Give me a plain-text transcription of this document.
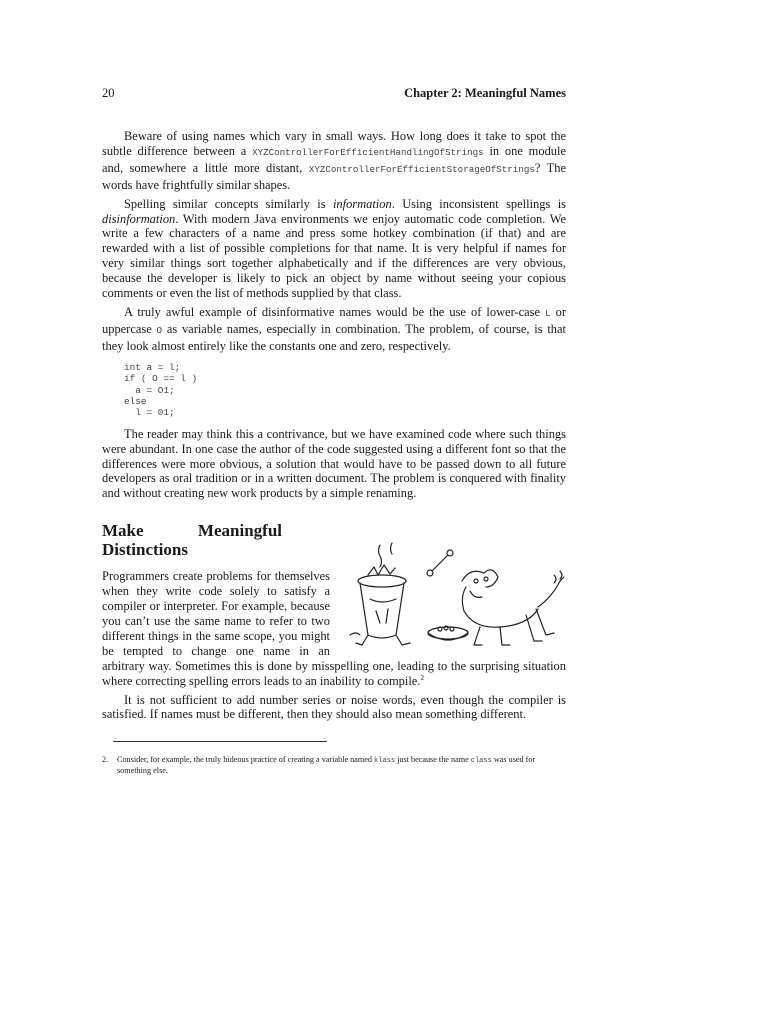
20	Chapter 2: Meaningful Names

Beware of using names which vary in small ways. How long does it take to spot the subtle difference between a XYZControllerForEfficientHandlingOfStrings in one module and, somewhere a little more distant, XYZControllerForEfficientStorageOfStrings? The words have frightfully similar shapes.

Spelling similar concepts similarly is information. Using inconsistent spellings is disinformation. With modern Java environments we enjoy automatic code completion. We write a few characters of a name and press some hotkey combination (if that) and are rewarded with a list of possible completions for that name. It is very helpful if names for very similar things sort together alphabetically and if the differences are very obvious, because the developer is likely to pick an object by name without seeing your copious comments or even the list of methods supplied by that class.

A truly awful example of disinformative names would be the use of lower-case L or uppercase O as variable names, especially in combination. The problem, of course, is that they look almost entirely like the constants one and zero, respectively.

int a = l;
if ( O == l )
a = O1;
else
l = 01;

The reader may think this a contrivance, but we have examined code where such things were abundant. In one case the author of the code suggested using a different font so that the differences were more obvious, a solution that would have to be passed down to all future developers as oral tradition or in a written document. The problem is conquered with finality and without creating new work products by a simple renaming.

Make Meaningful Distinctions

Programmers create problems for themselves when they write code solely to satisfy a compiler or interpreter. For example, because you can’t use the same name to refer to two different things in the same scope, you might be tempted to change one name in an arbitrary way. Sometimes this is done by misspelling one, leading to the surprising situation where correcting spelling errors leads to an inability to compile.$^2$

It is not sufficient to add number series or noise words, even though the compiler is satisfied. If names must be different, then they should also mean something different.

2.	Consider, for example, the truly hideous practice of creating a variable named klass just because the name class was used for something else.
